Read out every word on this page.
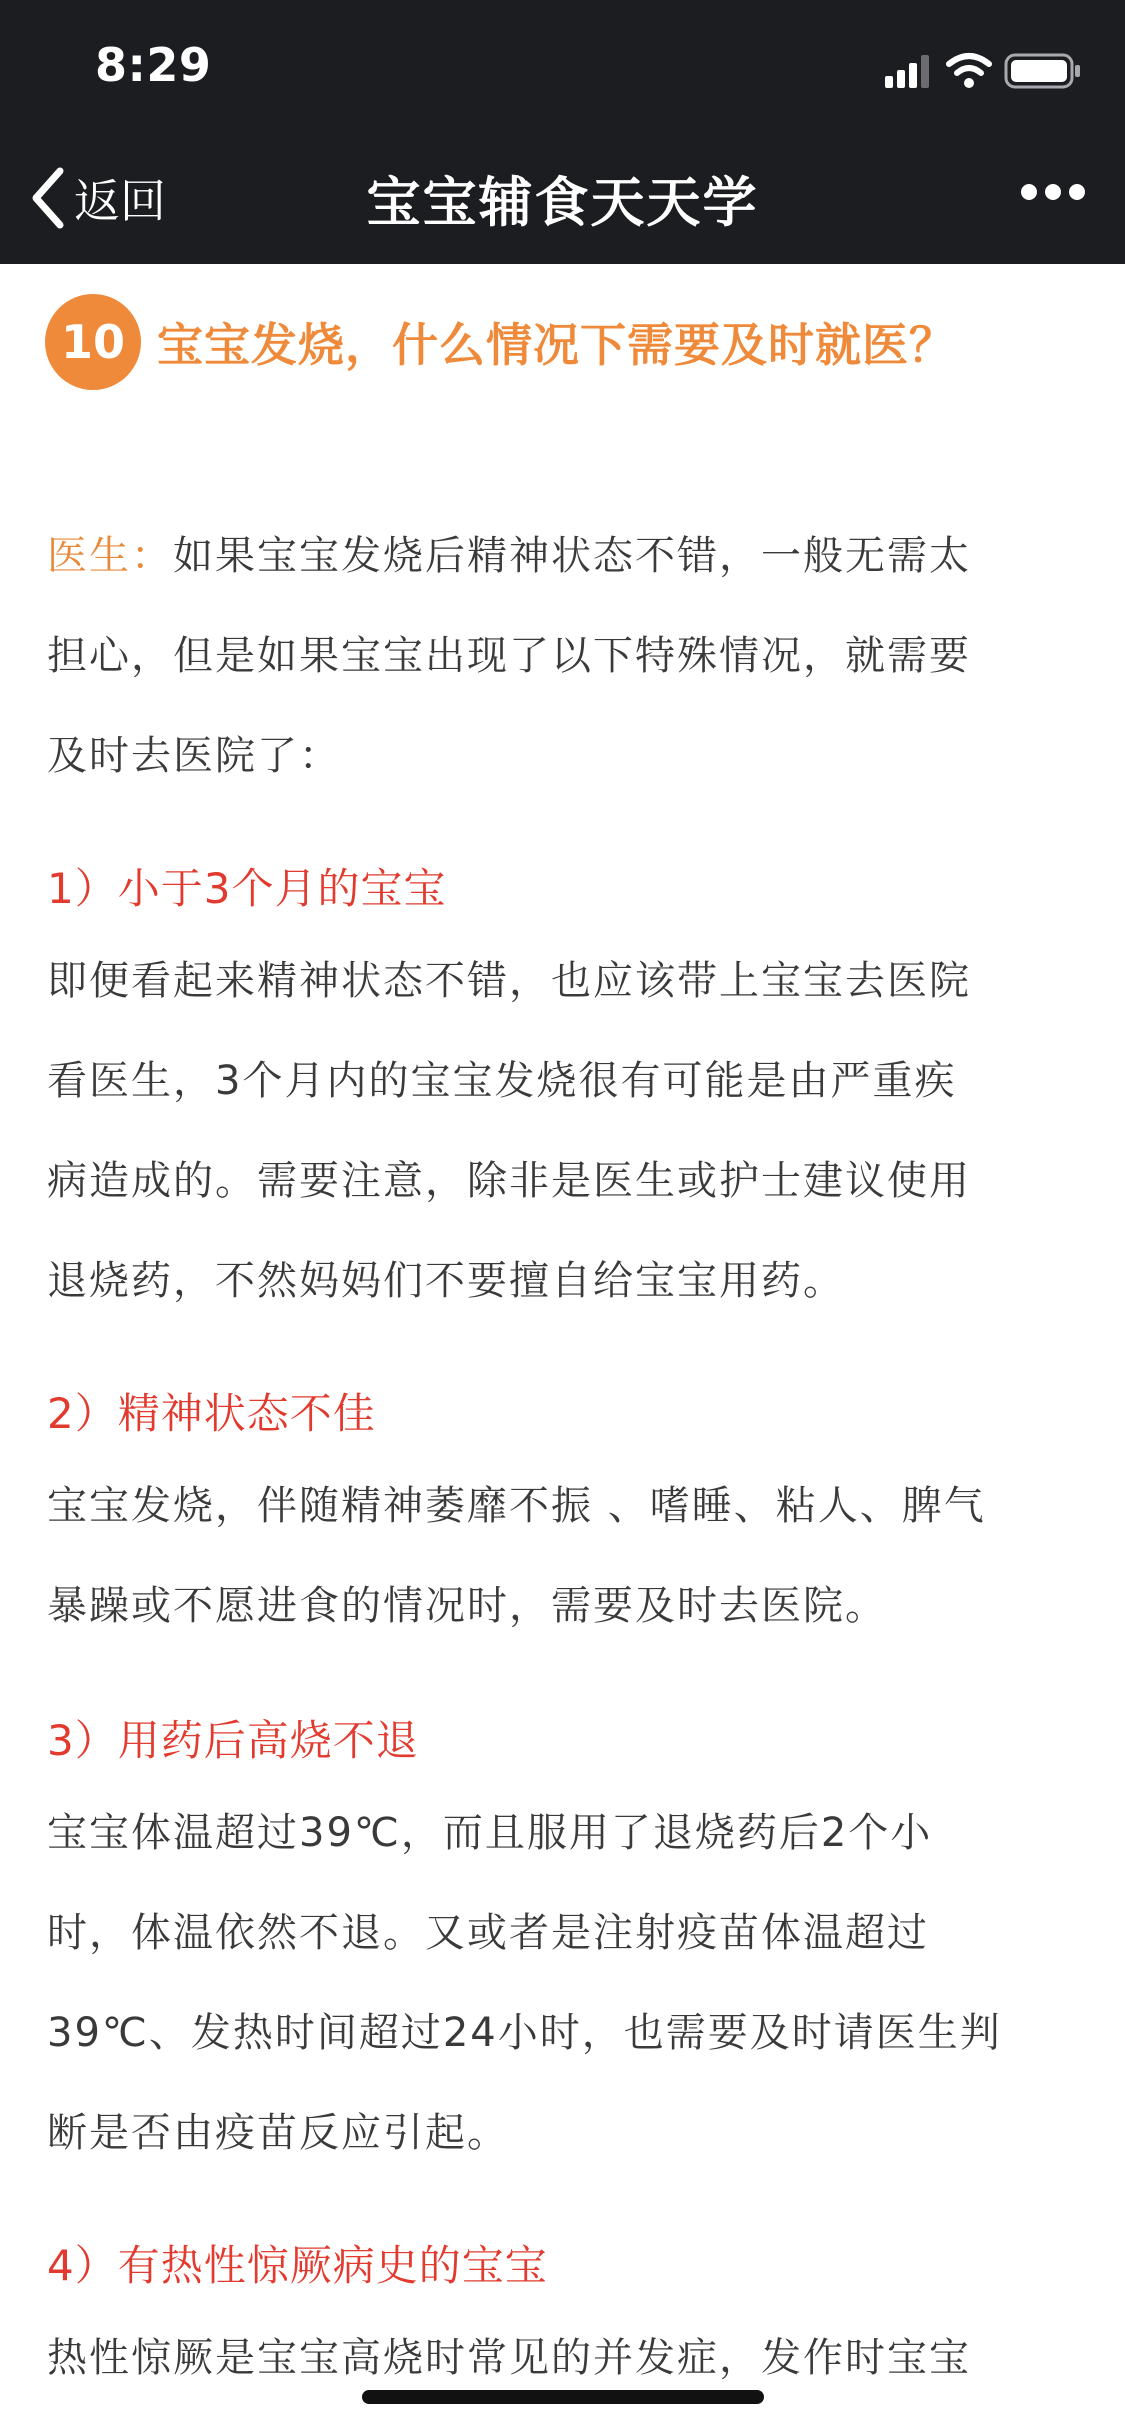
8:29
返回	宝宝辅食天天学
10 宝宝发烧，什么情况下需要及时就医？
医生：如果宝宝发烧后精神状态不错，一般无需太
担心，但是如果宝宝出现了以下特殊情况，就需要
及时去医院了：
1）小于3个月的宝宝
即便看起来精神状态不错，也应该带上宝宝去医院
看医生，3个月内的宝宝发烧很有可能是由严重疾
病造成的。需要注意，除非是医生或护士建议使用
退烧药，不然妈妈们不要擅自给宝宝用药。
2）精神状态不佳
宝宝发烧，伴随精神萎靡不振 、嗜睡、粘人、脾气
暴躁或不愿进食的情况时，需要及时去医院。
3）用药后高烧不退
宝宝体温超过39℃，而且服用了退烧药后2个小
时，体温依然不退。又或者是注射疫苗体温超过
39℃、发热时间超过24小时，也需要及时请医生判
断是否由疫苗反应引起。
4）有热性惊厥病史的宝宝
热性惊厥是宝宝高烧时常见的并发症，发作时宝宝
